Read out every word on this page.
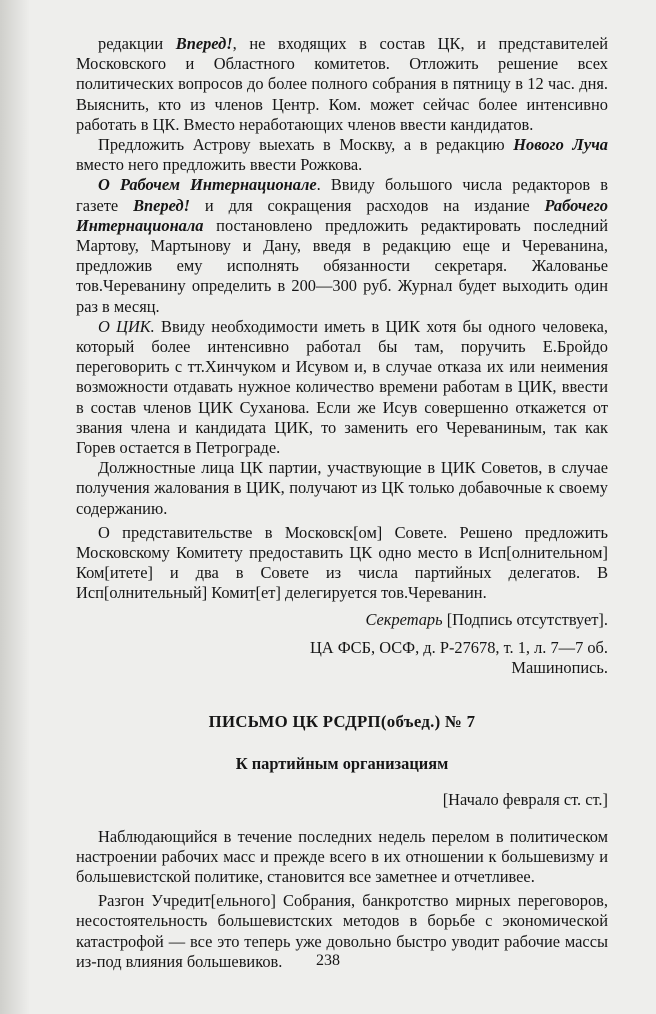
редакции Вперед!, не входящих в состав ЦК, и представителей Московского и Областного комитетов. Отложить решение всех политических вопросов до более полного собрания в пятницу в 12 час. дня. Выяснить, кто из членов Центр. Ком. может сейчас более интенсивно работать в ЦК. Вместо неработающих членов ввести кандидатов.

Предложить Астрову выехать в Москву, а в редакцию Нового Луча вместо него предложить ввести Рожкова.

О Рабочем Интернационале. Ввиду большого числа редакторов в газете Вперед! и для сокращения расходов на издание Рабочего Интернационала постановлено предложить редактировать последний Мартову, Мартынову и Дану, введя в редакцию еще и Череванина, предложив ему исполнять обязанности секретаря. Жалованье тов.Череванину определить в 200—300 руб. Журнал будет выходить один раз в месяц.

О ЦИК. Ввиду необходимости иметь в ЦИК хотя бы одного человека, который более интенсивно работал бы там, поручить Е.Бройдо переговорить с тт.Хинчуком и Исувом и, в случае отказа их или неимения возможности отдавать нужное количество времени работам в ЦИК, ввести в состав членов ЦИК Суханова. Если же Исув совершенно откажется от звания члена и кандидата ЦИК, то заменить его Череваниным, так как Горев остается в Петрограде.

Должностные лица ЦК партии, участвующие в ЦИК Советов, в случае получения жалования в ЦИК, получают из ЦК только добавочные к своему содержанию.

О представительстве в Московск[ом] Совете. Решено предложить Московскому Комитету предоставить ЦК одно место в Исп[олнительном] Ком[итете] и два в Совете из числа партийных делегатов. В Исп[олнительный] Комит[ет] делегируется тов.Череванин.

Секретарь [Подпись отсутствует].

ЦА ФСБ, ОСФ, д. Р-27678, т. 1, л. 7—7 об.
Машинопись.

ПИСЬМО ЦК РСДРП(объед.) № 7
К партийным организациям

[Начало февраля ст. ст.]

Наблюдающийся в течение последних недель перелом в политическом настроении рабочих масс и прежде всего в их отношении к большевизму и большевистской политике, становится все заметнее и отчетливее.

Разгон Учредит[ельного] Собрания, банкротство мирных переговоров, несостоятельность большевистских методов в борьбе с экономической катастрофой — все это теперь уже довольно быстро уводит рабочие массы из-под влияния большевиков.	238
